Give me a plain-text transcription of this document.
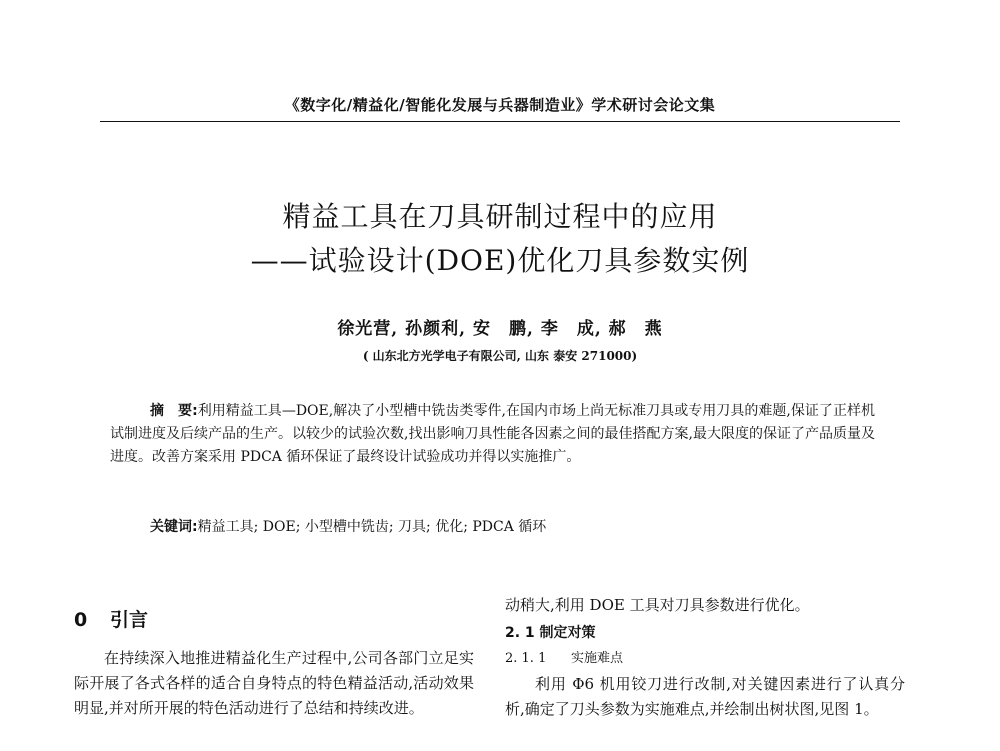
《数字化/精益化/智能化发展与兵器制造业》学术研讨会论文集
精益工具在刀具研制过程中的应用
——试验设计(DOE)优化刀具参数实例
徐光营, 孙颜利, 安　鹏, 李　成, 郝　燕
( 山东北方光学电子有限公司, 山东 泰安 271000)
摘　要:利用精益工具—DOE,解决了小型槽中铣齿类零件,在国内市场上尚无标准刀具或专用刀具的难题,保证了正样机试制进度及后续产品的生产。以较少的试验次数,找出影响刀具性能各因素之间的最佳搭配方案,最大限度的保证了产品质量及进度。改善方案采用 PDCA 循环保证了最终设计试验成功并得以实施推广。
关键词:精益工具; DOE; 小型槽中铣齿; 刀具; 优化; PDCA 循环
0 引言

在持续深入地推进精益化生产过程中,公司各部门立足实际开展了各式各样的适合自身特点的特色精益活动,活动效果明显,并对所开展的特色活动进行了总结和持续改进。

动稍大,利用 DOE 工具对刀具参数进行优化。

2. 1 制定对策
2. 1. 1 实施难点

利用 Φ6 机用铰刀进行改制,对关键因素进行了认真分析,确定了刀头参数为实施难点,并绘制出树状图,见图 1。
